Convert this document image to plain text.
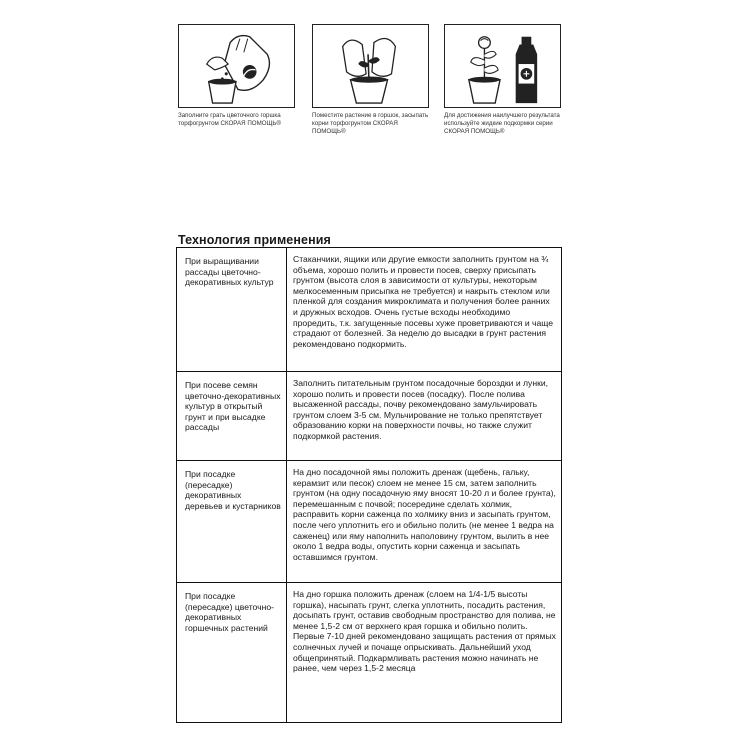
Заполните грать цветочного горшка торфогрунтом СКОРАЯ ПОМОЩЬ®
Поместите растение в горшок, засыпать корни торфогрунтом СКОРАЯ ПОМОЩЬ®
Для достижения наилучшего результата используйте жидкие подкормки серии СКОРАЯ ПОМОЩЬ®
Технология применения
При выращивании рассады цветочно-декоративных культур	Стаканчики, ящики или другие емкости заполнить грунтом на ¾ объема, хорошо полить и провести посев, сверху присыпать грунтом (высота слоя в зависимости от культуры, некоторым мелкосеменным присыпка не требуется) и накрыть стеклом или пленкой для создания микроклимата и получения более ранних и дружных всходов. Очень густые всходы необходимо проредить, т.к. загущенные посевы хуже проветриваются и чаще страдают от болезней. За неделю до высадки в грунт растения рекомендовано подкормить.
При посеве семян цветочно-декоративных культур в открытый грунт и при высадке рассады	Заполнить питательным грунтом посадочные бороздки и лунки, хорошо полить и провести посев (посадку). После полива высаженной рассады, почву рекомендовано замульчировать грунтом слоем 3-5 см. Мульчирование не только препятствует образованию корки на поверхности почвы, но также служит подкормкой растения.
При посадке (пересадке) декоративных деревьев и кустарников	На дно посадочной ямы положить дренаж (щебень, гальку, керамзит или песок) слоем не менее 15 см, затем заполнить грунтом (на одну посадочную яму вносят 10-20 л и более грунта), перемешанным с почвой; посередине сделать холмик, расправить корни саженца по холмику вниз и засыпать грунтом, после чего уплотнить его и обильно полить (не менее 1 ведра на саженец) или яму наполнить наполовину грунтом, вылить в нее около 1 ведра воды, опустить корни саженца и засыпать оставшимся грунтом.
При посадке (пересадке) цветочно-декоративных горшечных растений	На дно горшка положить дренаж (слоем на 1/4-1/5 высоты горшка), насыпать грунт, слегка уплотнить, посадить растения, досыпать грунт, оставив свободным пространство для полива, не менее 1,5-2 см от верхнего края горшка и обильно полить. Первые 7-10 дней рекомендовано защищать растения от прямых солнечных лучей и почаще опрыскивать. Дальнейший уход общепринятый. Подкармливать растения можно начинать не ранее, чем через 1,5-2 месяца
